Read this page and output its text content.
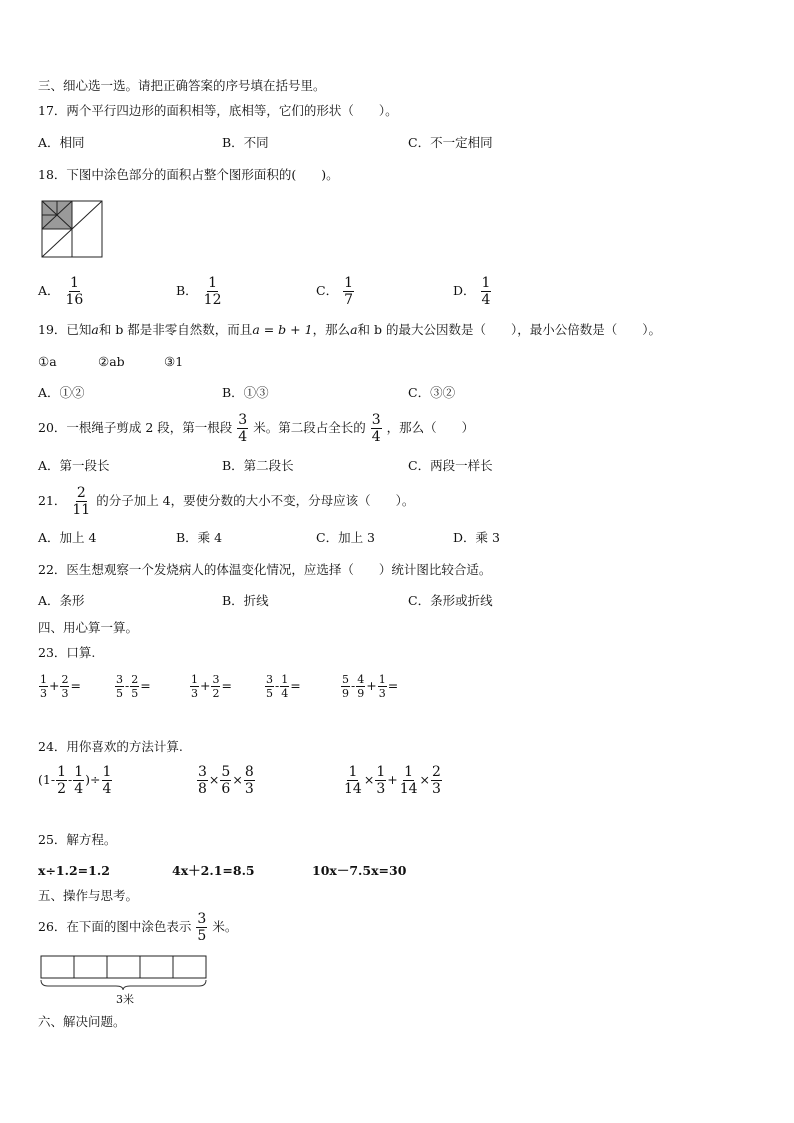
三、细心选一选。请把正确答案的序号填在括号里。
17．两个平行四边形的面积相等，底相等，它们的形状（　　）。
A．相同	B．不同	C．不一定相同
18．下图中涂色部分的面积占整个图形面积的(　　)。
A． $\frac{1}{16}$	B． $\frac{1}{12}$	C． $\frac{1}{7}$	D． $\frac{1}{4}$
19．已知a和 b 都是非零自然数，而且a = b + 1，那么a和 b 的最大公因数是（　　），最小公倍数是（　　）。
①a	②ab	③1
A．①②	B．①③	C．③②
20．一根绳子剪成 2 段，第一根段 $\frac{3}{4}$ 米。第二段占全长的 $\frac{3}{4}$ ，那么（　　）
A．第一段长	B．第二段长	C．两段一样长
21． $\frac{2}{11}$ 的分子加上 4，要使分数的大小不变，分母应该（　　）。
A．加上 4	B．乘 4	C．加上 3	D．乘 3
22．医生想观察一个发烧病人的体温变化情况，应选择（　　）统计图比较合适。
A．条形	B．折线	C．条形或折线
四、用心算一算。
23．口算.
$\frac{1}{3} + \frac{2}{3}$ =	$\frac{3}{5} - \frac{2}{5}$ =	$\frac{1}{3} + \frac{3}{2}$ =	$\frac{3}{5} - \frac{1}{4}$ =	$\frac{5}{9} - \frac{4}{9} + \frac{1}{3}$ =
24．用你喜欢的方法计算.
($1- \frac{1}{2} - \frac{1}{4}$ )÷ $\frac{1}{4}$	$\frac{3}{8} \times \frac{5}{6} \times \frac{8}{3}$	$\frac{1}{14} \times \frac{1}{3} + \frac{1}{14} \times \frac{2}{3}$
25．解方程。
x÷1.2=1.2	4x＋2.1=8.5	10x－7.5x=30
五、操作与思考。
26．在下面的图中涂色表示 $\frac{3}{5}$ 米。
3米
六、解决问题。
